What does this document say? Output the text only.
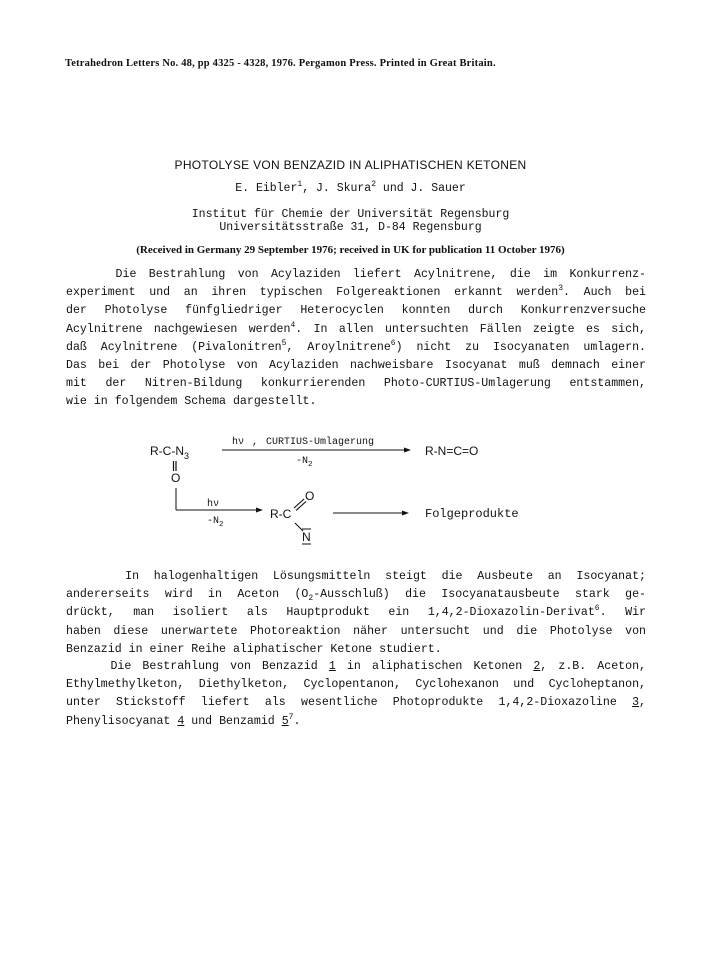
Tetrahedron Letters No. 48, pp 4325 - 4328, 1976. Pergamon Press. Printed in Great Britain.
PHOTOLYSE VON BENZAZID IN ALIPHATISCHEN KETONEN
E. Eibler$^1$, J. Skura$^2$ und J. Sauer
Institut für Chemie der Universität Regensburg
Universitätsstraße 31, D-84 Regensburg
(Received in Germany 29 September 1976; received in UK for publication 11 October 1976)
Die Bestrahlung von Acylaziden liefert Acylnitrene, die im Konkurrenz-
experiment und an ihren typischen Folgereaktionen erkannt werden$^3$. Auch bei
der Photolyse fünfgliedriger Heterocyclen konnten durch Konkurrenzversuche
Acylnitrene nachgewiesen werden$^4$. In allen untersuchten Fällen zeigte es sich,
daß Acylnitrene (Pivalonitren$^5$, Aroylnitrene$^6$) nicht zu Isocyanaten umlagern.
Das bei der Photolyse von Acylaziden nachweisbare Isocyanat muß demnach einer
mit der Nitren-Bildung konkurrierenden Photo-CURTIUS-Umlagerung entstammen,
wie in folgendem Schema dargestellt.
$R-C-N_3$
O
hν , CURTIUS-Umlagerung
$-N_2$
R-N=C=O
hν
$-N_2$
R-C
O
N
Folgeprodukte
In halogenhaltigen Lösungsmitteln steigt die Ausbeute an Isocyanat;
andererseits wird in Aceton $(O_2-Ausschluß)$ die Isocyanatausbeute stark ge-
drückt, man isoliert als Hauptprodukt ein 1,4,2-Dioxazolin-Derivat$^6$. Wir
haben diese unerwartete Photoreaktion näher untersucht und die Photolyse von
Benzazid in einer Reihe aliphatischer Ketone studiert.
Die Bestrahlung von Benzazid 1 in aliphatischen Ketonen 2, z.B. Aceton,
Ethylmethylketon, Diethylketon, Cyclopentanon, Cyclohexanon und Cycloheptanon,
unter Stickstoff liefert als wesentliche Photoprodukte 1,4,2-Dioxazoline 3,
Phenylisocyanat 4 und Benzamid $5^7$.
